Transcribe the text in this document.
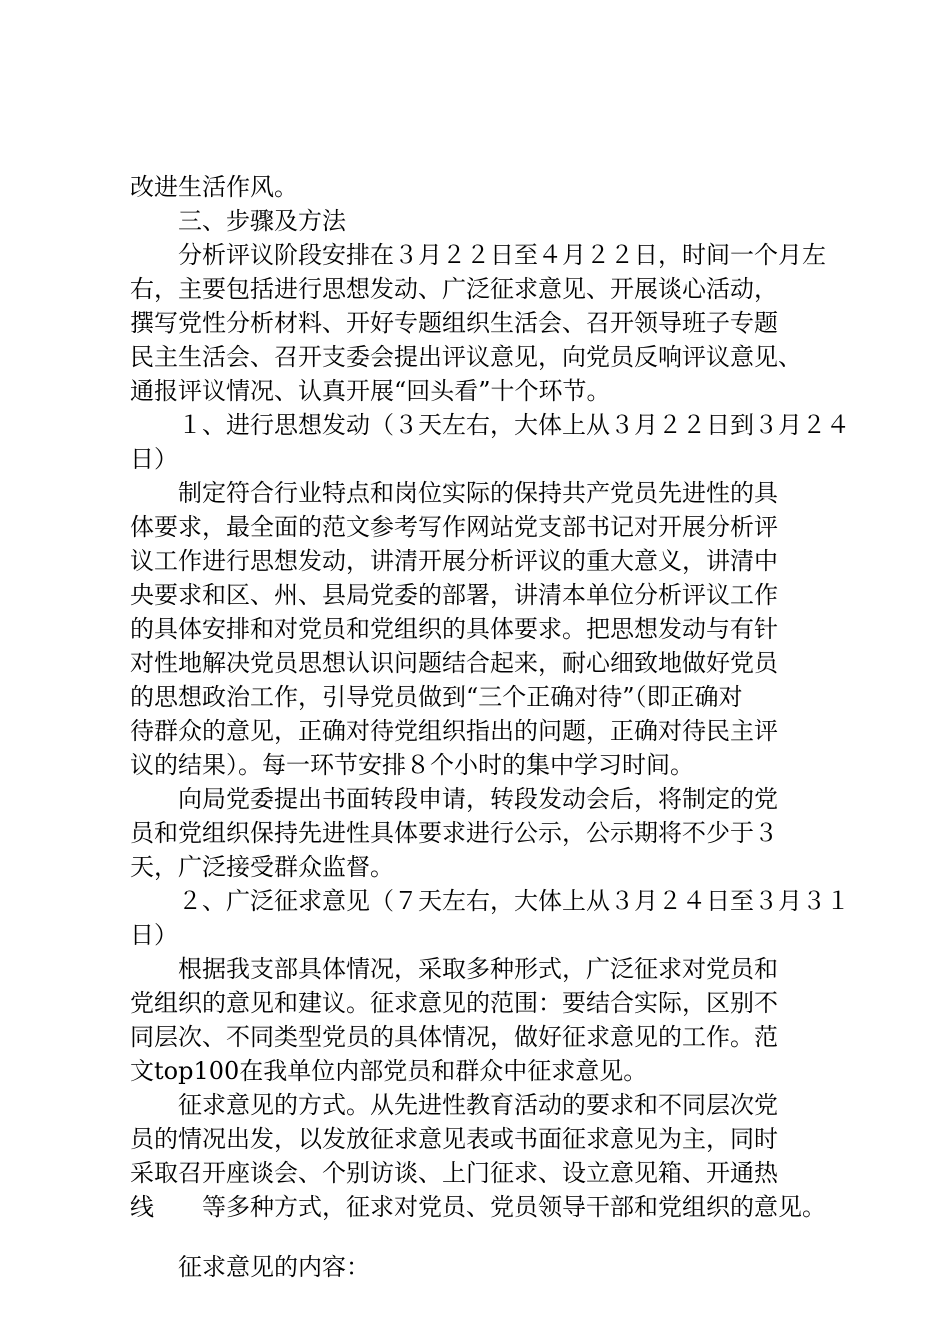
改进生活作风。
三、步骤及方法
分析评议阶段安排在３月２２日至４月２２日，时间一个月左
右，主要包括进行思想发动、广泛征求意见、开展谈心活动，
撰写党性分析材料、开好专题组织生活会、召开领导班子专题
民主生活会、召开支委会提出评议意见，向党员反响评议意见、
通报评议情况、认真开展“回头看”十个环节。
１、进行思想发动（３天左右，大体上从３月２２日到３月２４
日）
制定符合行业特点和岗位实际的保持共产党员先进性的具
体要求，最全面的范文参考写作网站党支部书记对开展分析评
议工作进行思想发动，讲清开展分析评议的重大意义，讲清中
央要求和区、州、县局党委的部署，讲清本单位分析评议工作
的具体安排和对党员和党组织的具体要求。把思想发动与有针
对性地解决党员思想认识问题结合起来，耐心细致地做好党员
的思想政治工作，引导党员做到“三个正确对待”（即正确对
待群众的意见，正确对待党组织指出的问题，正确对待民主评
议的结果）。每一环节安排８个小时的集中学习时间。
向局党委提出书面转段申请，转段发动会后，将制定的党
员和党组织保持先进性具体要求进行公示，公示期将不少于３
天，广泛接受群众监督。
２、广泛征求意见（７天左右，大体上从３月２４日至３月３１
日）
根据我支部具体情况，采取多种形式，广泛征求对党员和
党组织的意见和建议。征求意见的范围：要结合实际，区别不
同层次、不同类型党员的具体情况，做好征求意见的工作。范
文top100在我单位内部党员和群众中征求意见。
征求意见的方式。从先进性教育活动的要求和不同层次党
员的情况出发，以发放征求意见表或书面征求意见为主，同时
采取召开座谈会、个别访谈、上门征求、设立意见箱、开通热
线　　等多种方式，征求对党员、党员领导干部和党组织的意见。
征求意见的内容：
